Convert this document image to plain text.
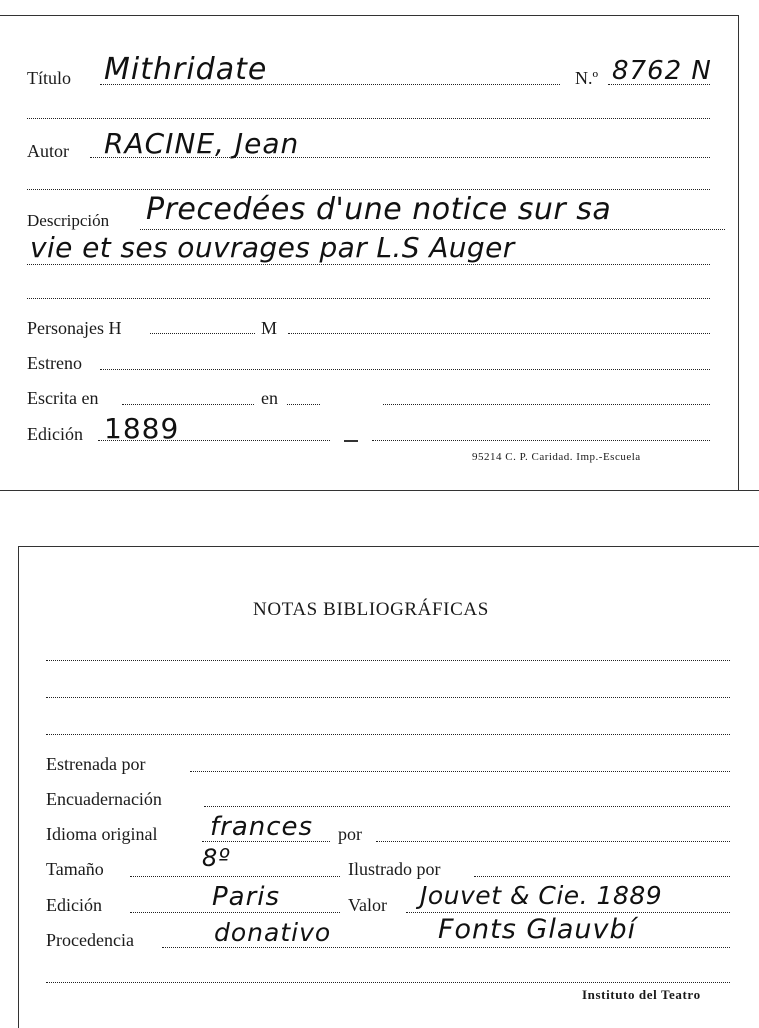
Título Mithridate	N.º 8762 N
Autor RACINE, Jean
Descripción Precedées d'une notice sur sa
vie et ses ouvrages par L.S Auger
Personajes H	M
Estreno
Escrita en	en
Edición 1889
95214 C. P. Caridad. Imp.-Escuela
NOTAS BIBLIOGRÁFICAS
Estrenada por
Encuadernación
Idioma original frances por
Tamaño	8º	Ilustrado por
Edición	Paris	Valor Jouvet & Cie. 1889
Procedencia	donativo	Fonts Glauvbí
Instituto del Teatro
